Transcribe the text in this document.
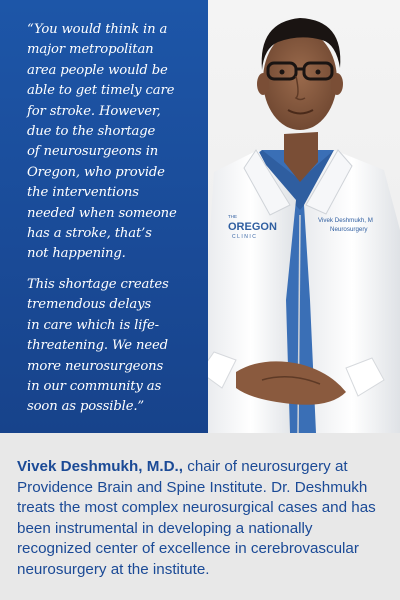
THE
OREGON
CLINIC
Vivek Deshmukh, M
Neurosurgery

“You would think in a
major metropolitan
area people would be
able to get timely care
for stroke. However,
due to the shortage
of neurosurgeons in
Oregon, who provide
the interventions
needed when someone
has a stroke, that’s
not happening.

This shortage creates
tremendous delays
in care which is life-
threatening. We need
more neurosurgeons
in our community as
soon as possible.”

Vivek Deshmukh, M.D., chair of neurosurgery at Providence Brain and Spine Institute. Dr. Deshmukh treats the most complex neurosurgical cases and has been instrumental in developing a nationally recognized center of excellence in cerebrovascular neurosurgery at the institute.
